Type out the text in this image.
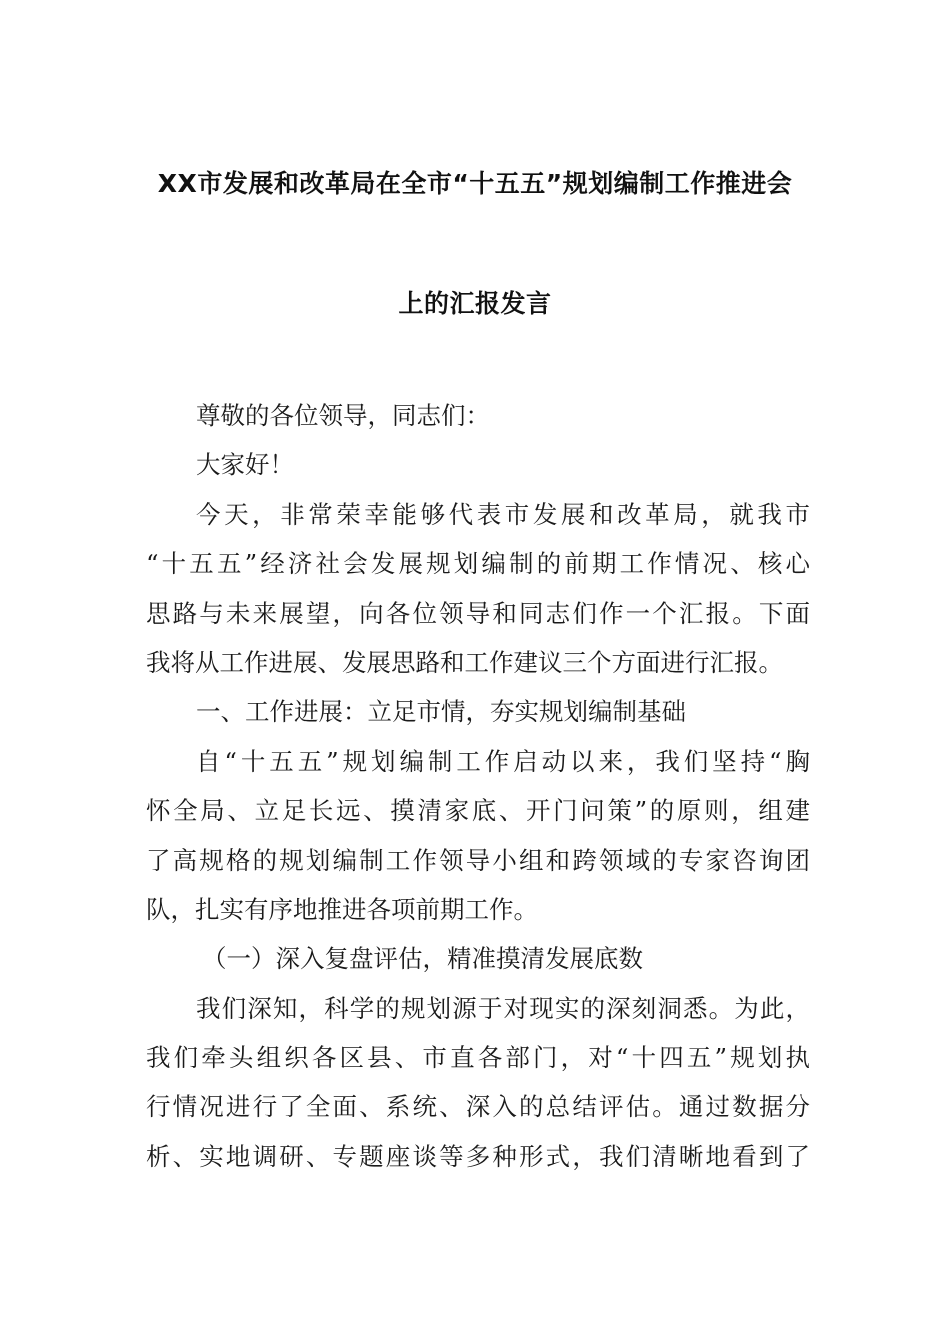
XX市发展和改革局在全市“十五五”规划编制工作推进会
上的汇报发言
尊敬的各位领导，同志们：
大家好！
今天，非常荣幸能够代表市发展和改革局，就我市
“十五五”经济社会发展规划编制的前期工作情况、核心
思路与未来展望，向各位领导和同志们作一个汇报。下面
我将从工作进展、发展思路和工作建议三个方面进行汇报。
一、工作进展：立足市情，夯实规划编制基础
自“十五五”规划编制工作启动以来，我们坚持“胸
怀全局、立足长远、摸清家底、开门问策”的原则，组建
了高规格的规划编制工作领导小组和跨领域的专家咨询团
队，扎实有序地推进各项前期工作。
（一）深入复盘评估，精准摸清发展底数
我们深知，科学的规划源于对现实的深刻洞悉。为此，
我们牵头组织各区县、市直各部门，对“十四五”规划执
行情况进行了全面、系统、深入的总结评估。通过数据分
析、实地调研、专题座谈等多种形式，我们清晰地看到了
